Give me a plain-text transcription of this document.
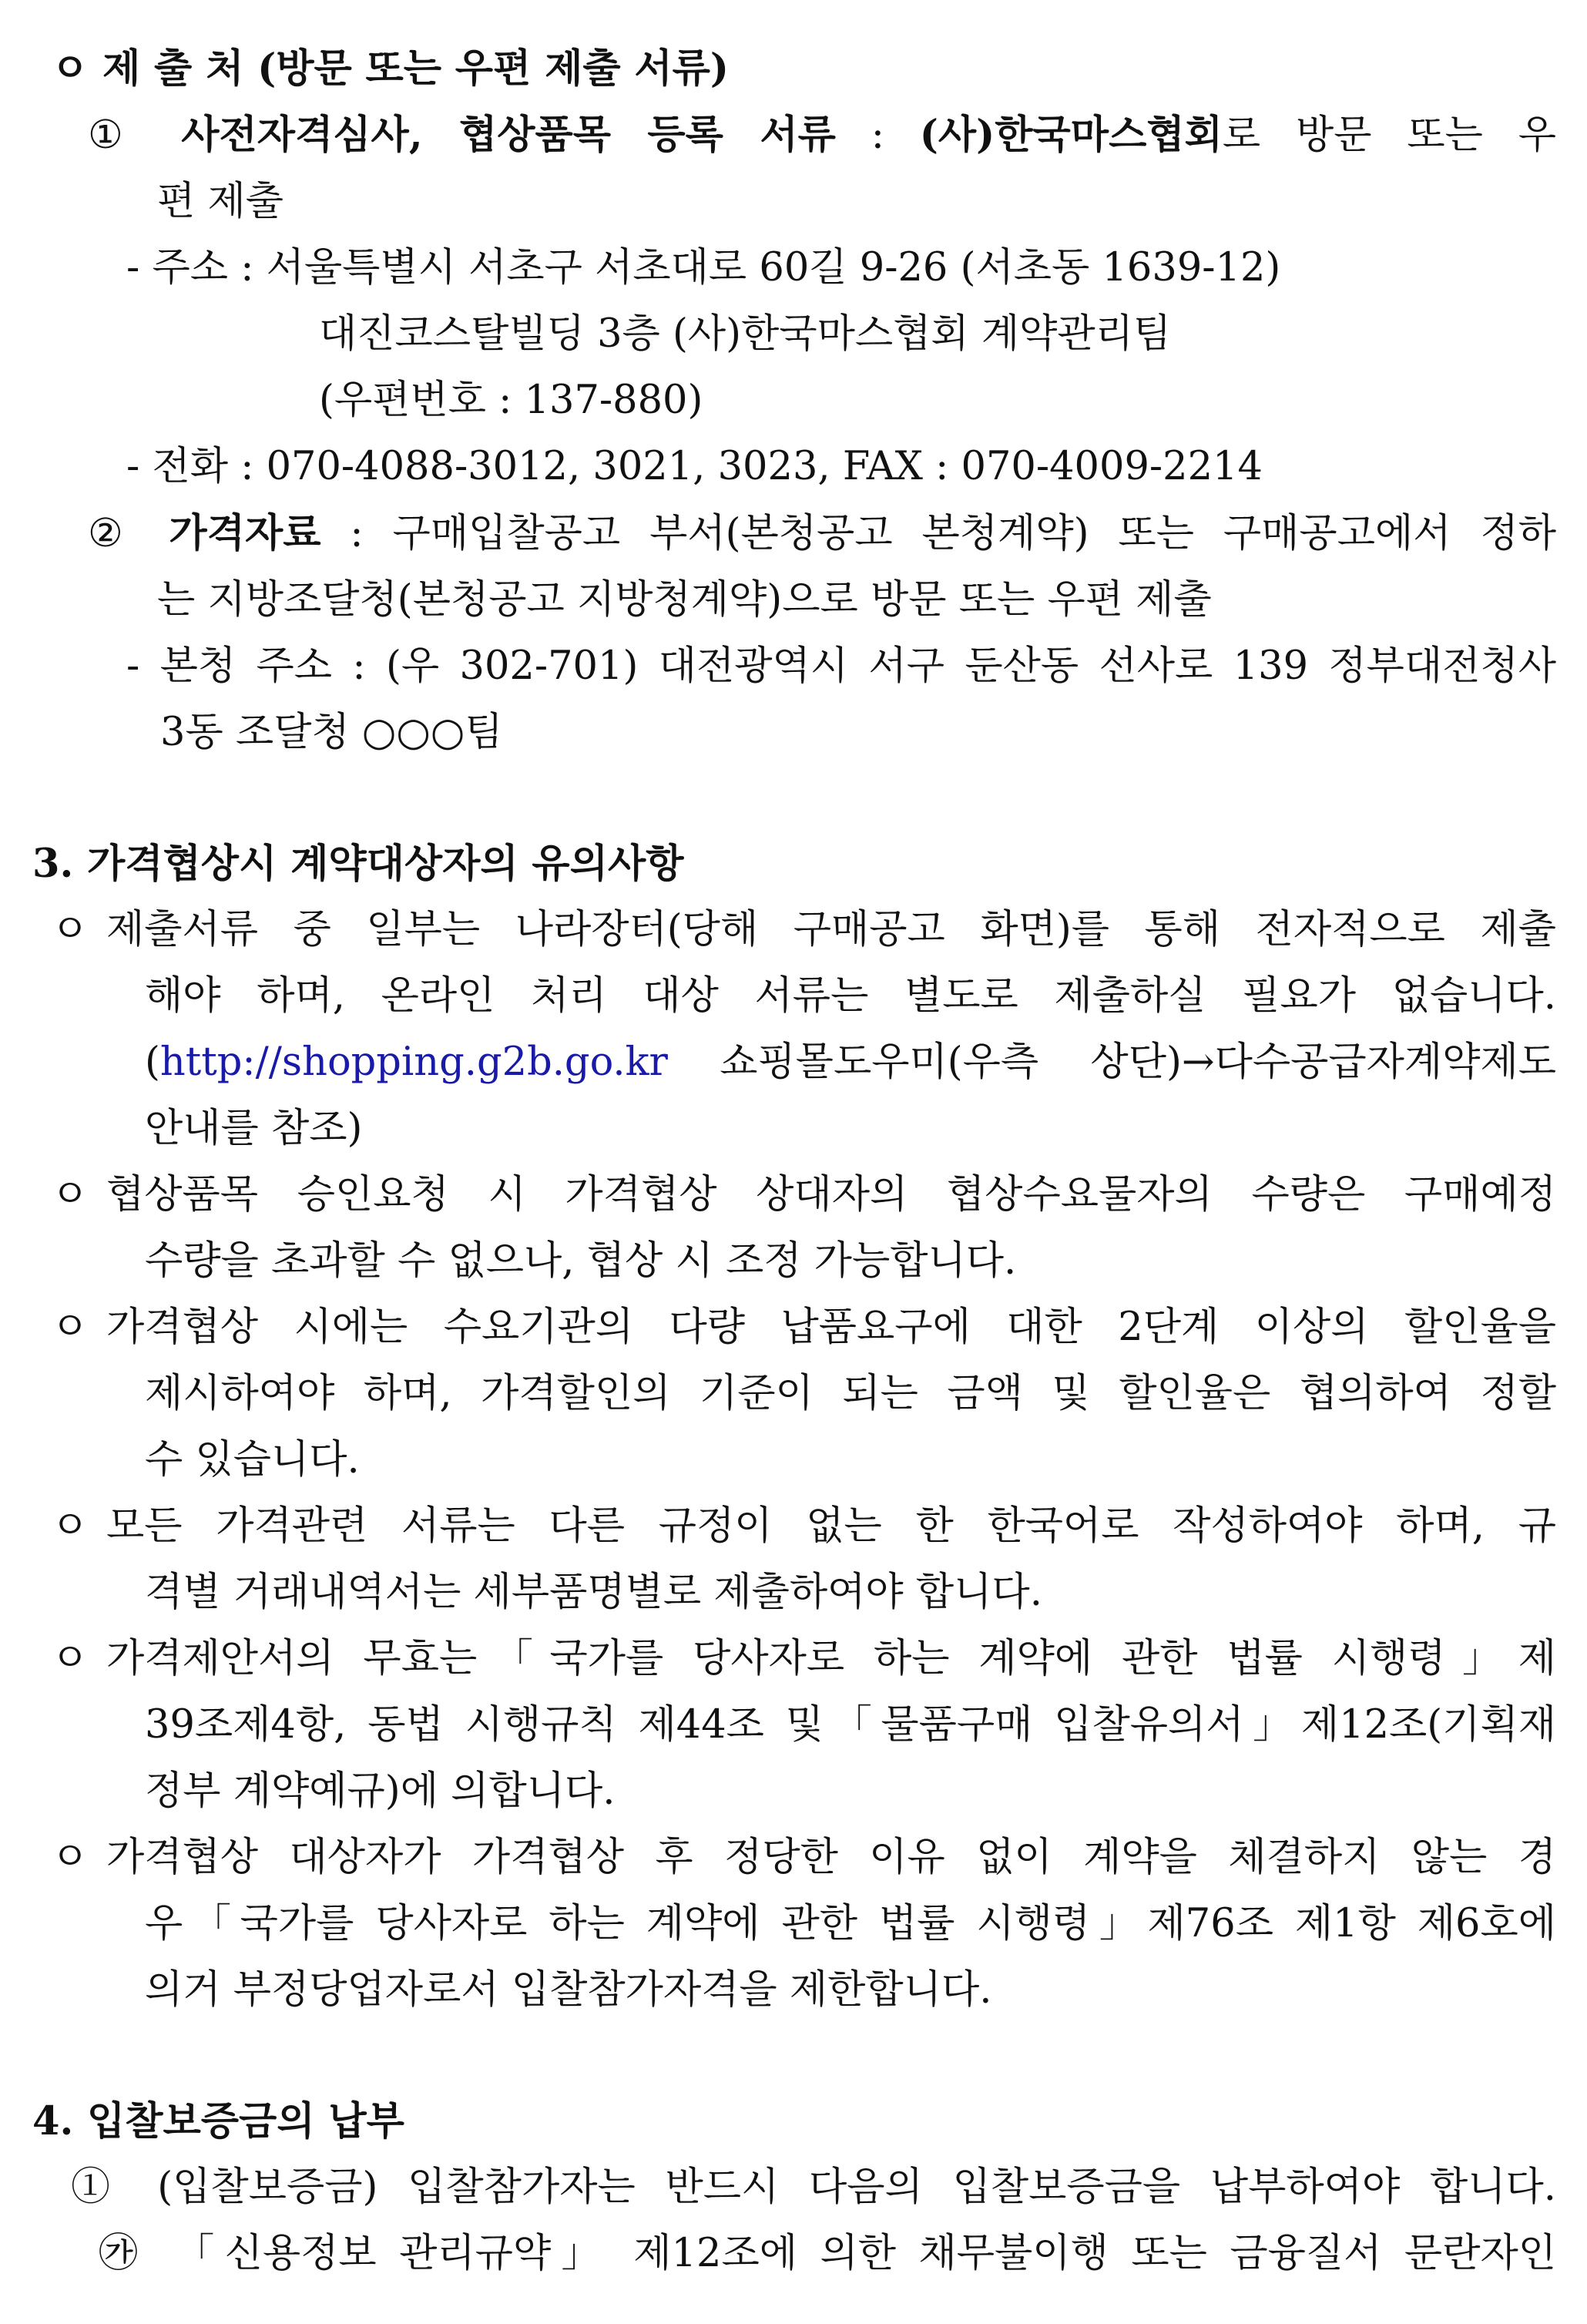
ㅇ 제 출 처 (방문 또는 우편 제출 서류)
① 사전자격심사, 협상품목 등록 서류 : (사)한국마스협회로 방문 또는 우
편 제출
- 주소 : 서울특별시 서초구 서초대로 60길 9-26 (서초동 1639-12)
대진코스탈빌딩 3층 (사)한국마스협회 계약관리팀
(우편번호 : 137-880)
- 전화 : 070-4088-3012, 3021, 3023, FAX : 070-4009-2214
② 가격자료 : 구매입찰공고 부서(본청공고 본청계약) 또는 구매공고에서 정하
는 지방조달청(본청공고 지방청계약)으로 방문 또는 우편 제출
- 본청 주소 : (우 302-701) 대전광역시 서구 둔산동 선사로 139 정부대전청사
3동 조달청 ○○○팀
3. 가격협상시 계약대상자의 유의사항
ㅇ 제출서류 중 일부는 나라장터(당해 구매공고 화면)를 통해 전자적으로 제출
해야 하며, 온라인 처리 대상 서류는 별도로 제출하실 필요가 없습니다.
(http://shopping.g2b.go.kr 쇼핑몰도우미(우측 상단)→다수공급자계약제도
안내를 참조)
ㅇ 협상품목 승인요청 시 가격협상 상대자의 협상수요물자의 수량은 구매예정
수량을 초과할 수 없으나, 협상 시 조정 가능합니다.
ㅇ 가격협상 시에는 수요기관의 다량 납품요구에 대한 2단계 이상의 할인율을
제시하여야 하며, 가격할인의 기준이 되는 금액 및 할인율은 협의하여 정할
수 있습니다.
ㅇ 모든 가격관련 서류는 다른 규정이 없는 한 한국어로 작성하여야 하며, 규
격별 거래내역서는 세부품명별로 제출하여야 합니다.
ㅇ 가격제안서의 무효는「국가를 당사자로 하는 계약에 관한 법률 시행령」제
39조제4항, 동법 시행규칙 제44조 및「물품구매 입찰유의서」제12조(기획재
정부 계약예규)에 의합니다.
ㅇ 가격협상 대상자가 가격협상 후 정당한 이유 없이 계약을 체결하지 않는 경
우「국가를 당사자로 하는 계약에 관한 법률 시행령」제76조 제1항 제6호에
의거 부정당업자로서 입찰참가자격을 제한합니다.
4. 입찰보증금의 납부
① (입찰보증금) 입찰참가자는 반드시 다음의 입찰보증금을 납부하여야 합니다.
㉮ 「신용정보 관리규약」 제12조에 의한 채무불이행 또는 금융질서 문란자인
